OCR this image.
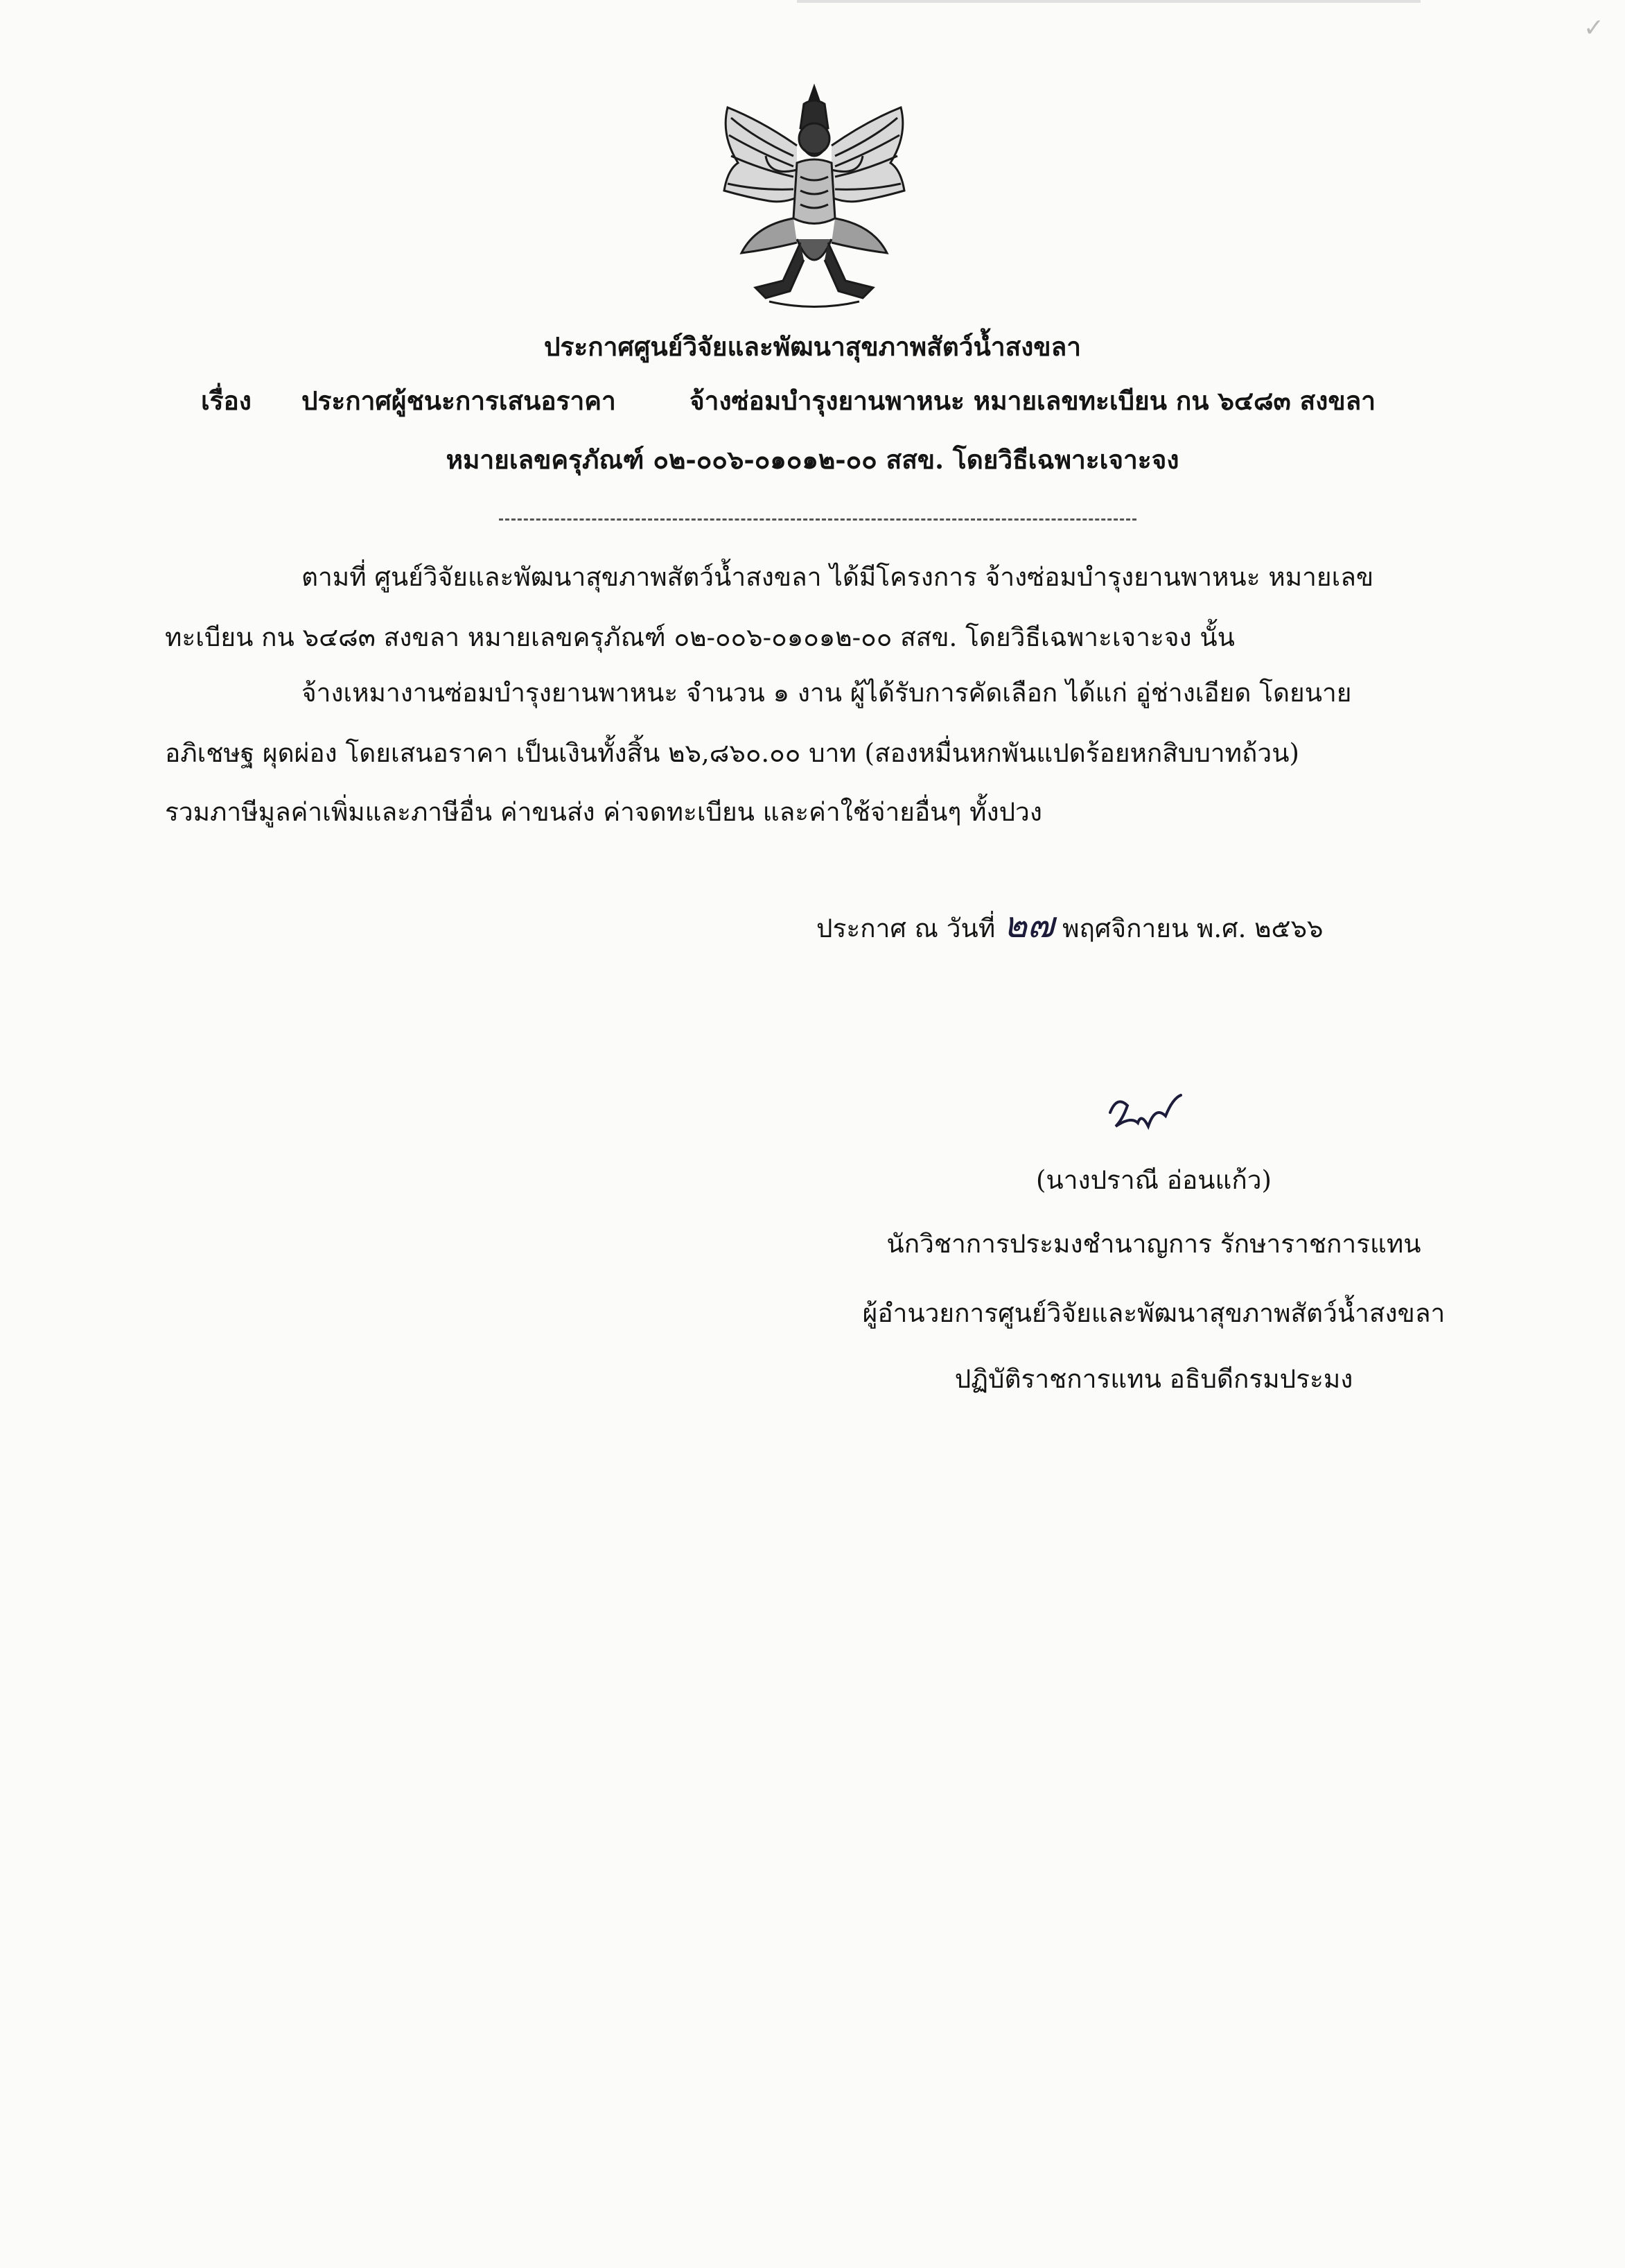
✓
ประกาศศูนย์วิจัยและพัฒนาสุขภาพสัตว์น้ำสงขลา
เรื่อง ประกาศผู้ชนะการเสนอราคา	จ้างซ่อมบำรุงยานพาหนะ หมายเลขทะเบียน กน ๖๔๘๓ สงขลา
หมายเลขครุภัณฑ์ ๐๒-๐๐๖-๐๑๐๑๒-๐๐ สสข. โดยวิธีเฉพาะเจาะจง
ตามที่ ศูนย์วิจัยและพัฒนาสุขภาพสัตว์น้ำสงขลา ได้มีโครงการ จ้างซ่อมบำรุงยานพาหนะ หมายเลข
ทะเบียน กน ๖๔๘๓ สงขลา หมายเลขครุภัณฑ์ ๐๒-๐๐๖-๐๑๐๑๒-๐๐ สสข. โดยวิธีเฉพาะเจาะจง นั้น
จ้างเหมางานซ่อมบำรุงยานพาหนะ จำนวน ๑ งาน ผู้ได้รับการคัดเลือก ได้แก่ อู่ช่างเอียด โดยนาย
อภิเชษฐ ผุดผ่อง โดยเสนอราคา เป็นเงินทั้งสิ้น ๒๖,๘๖๐.๐๐ บาท (สองหมื่นหกพันแปดร้อยหกสิบบาทถ้วน)
รวมภาษีมูลค่าเพิ่มและภาษีอื่น ค่าขนส่ง ค่าจดทะเบียน และค่าใช้จ่ายอื่นๆ ทั้งปวง
ประกาศ ณ วันที่ ๒๗ พฤศจิกายน พ.ศ. ๒๕๖๖
(นางปราณี อ่อนแก้ว)
นักวิชาการประมงชำนาญการ รักษาราชการแทน
ผู้อำนวยการศูนย์วิจัยและพัฒนาสุขภาพสัตว์น้ำสงขลา
ปฏิบัติราชการแทน อธิบดีกรมประมง
